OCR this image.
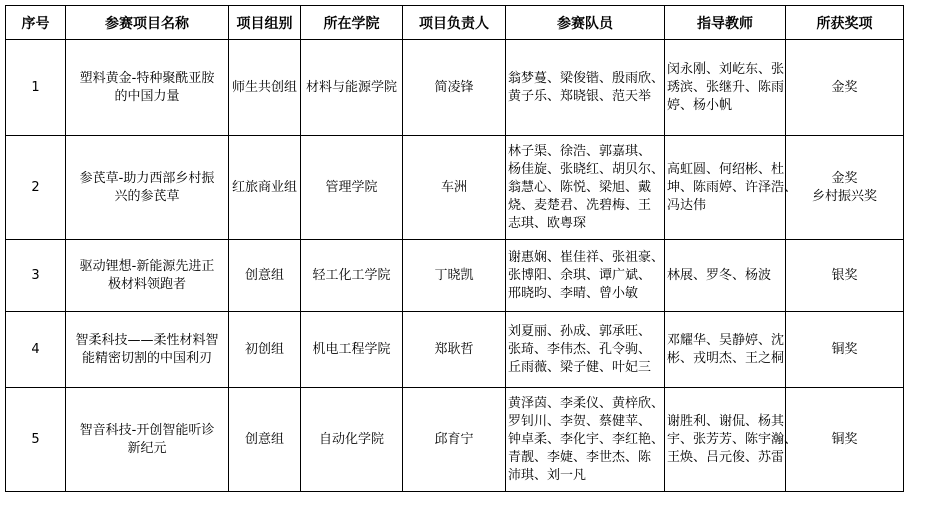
序号	参赛项目名称	项目组别	所在学院	项目负责人	参赛队员	指导教师	所获奖项
1	塑料黄金-特种聚酰亚胺
的中国力量	师生共创组	材料与能源学院	简凌锋	翁梦蔓、梁俊锴、殷雨欣、
黄子乐、郑晓银、范天举	闵永刚、刘屹东、张
琇滨、张继升、陈雨
婷、杨小帆	金奖

2	参芪草-助力西部乡村振
兴的参芪草	红旅商业组	管理学院	车洲	林子渠、徐浩、郭嘉琪、
杨佳旋、张晓红、胡贝尔、
翁慧心、陈悦、梁旭、戴
烧、麦楚君、冼碧梅、王
志琪、欧粤琛	高虹圆、何绍彬、杜
坤、陈雨婷、许泽浩、
冯达伟	金奖
乡村振兴奖

3	驱动锂想-新能源先进正
极材料领跑者	创意组	轻工化工学院	丁晓凯	谢惠娴、崔佳祥、张祖豪、
张博阳、余琪、谭广斌、
邢晓昀、李晴、曾小敏	林展、罗冬、杨波	银奖

4	智柔科技——柔性材料智
能精密切割的中国利刃	初创组	机电工程学院	郑耿哲	刘夏丽、孙成、郭承旺、
张琦、李伟杰、孔令驹、
丘雨薇、梁子健、叶妃三	邓耀华、吴静婷、沈
彬、戎明杰、王之桐	铜奖

5	智音科技-开创智能听诊
新纪元	创意组	自动化学院	邱育宁	黄泽茵、李柔仪、黄梓欣、
罗钊川、李贺、蔡健苹、
钟卓柔、李化宇、李红艳、
青靓、李婕、李世杰、陈
沛琪、刘一凡	谢胜利、谢侃、杨其
宇、张芳芳、陈宇瀚、
王焕、吕元俊、苏雷	铜奖
